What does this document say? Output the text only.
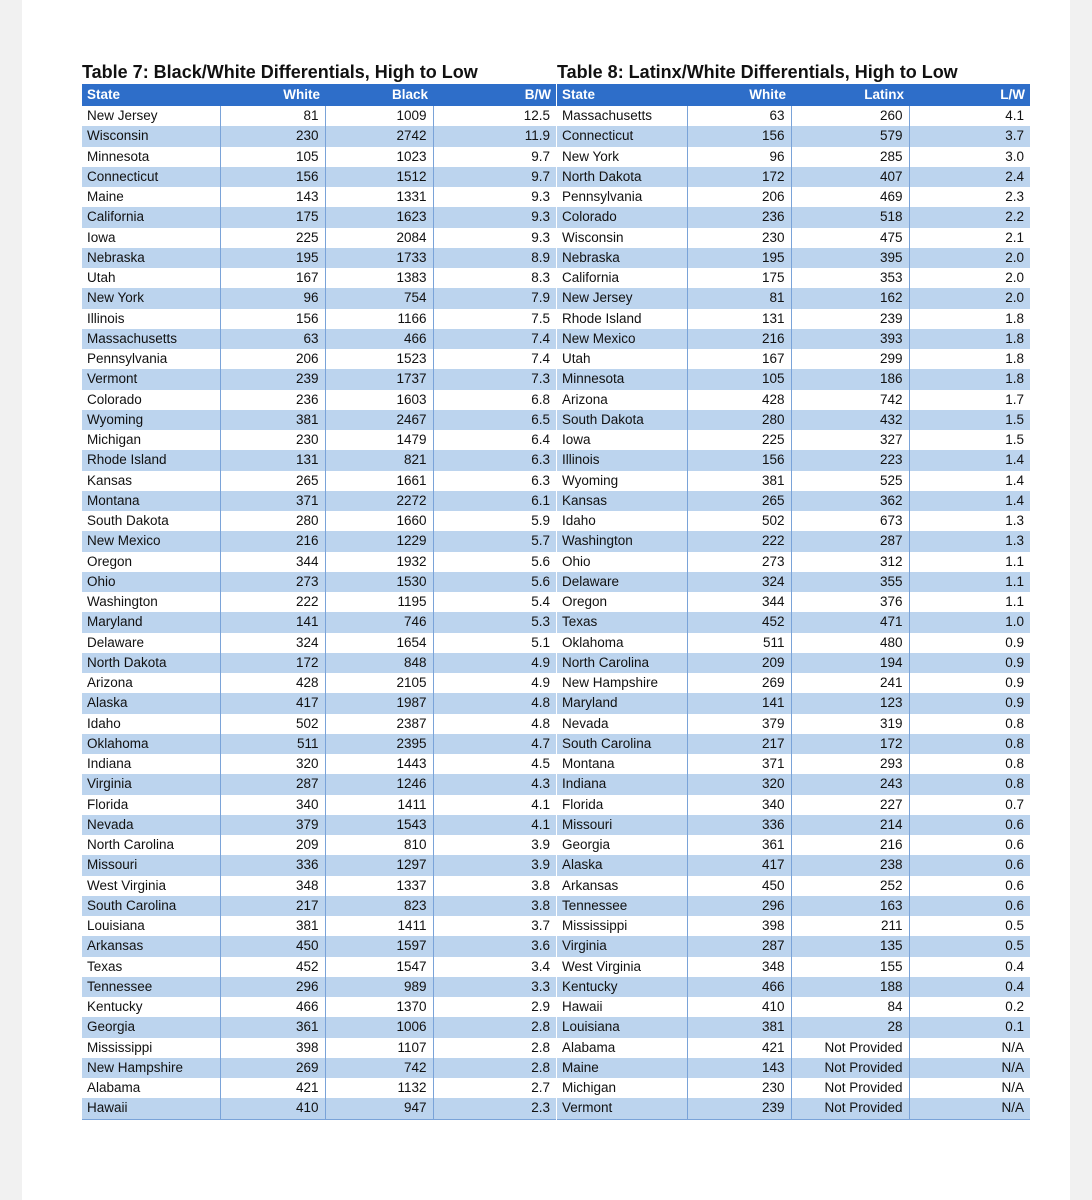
Table 7: Black/White Differentials, High to Low
State	White	Black	B/W
New Jersey	81	1009	12.5
Wisconsin	230	2742	11.9
Minnesota	105	1023	9.7
Connecticut	156	1512	9.7
Maine	143	1331	9.3
California	175	1623	9.3
Iowa	225	2084	9.3
Nebraska	195	1733	8.9
Utah	167	1383	8.3
New York	96	754	7.9
Illinois	156	1166	7.5
Massachusetts	63	466	7.4
Pennsylvania	206	1523	7.4
Vermont	239	1737	7.3
Colorado	236	1603	6.8
Wyoming	381	2467	6.5
Michigan	230	1479	6.4
Rhode Island	131	821	6.3
Kansas	265	1661	6.3
Montana	371	2272	6.1
South Dakota	280	1660	5.9
New Mexico	216	1229	5.7
Oregon	344	1932	5.6
Ohio	273	1530	5.6
Washington	222	1195	5.4
Maryland	141	746	5.3
Delaware	324	1654	5.1
North Dakota	172	848	4.9
Arizona	428	2105	4.9
Alaska	417	1987	4.8
Idaho	502	2387	4.8
Oklahoma	511	2395	4.7
Indiana	320	1443	4.5
Virginia	287	1246	4.3
Florida	340	1411	4.1
Nevada	379	1543	4.1
North Carolina	209	810	3.9
Missouri	336	1297	3.9
West Virginia	348	1337	3.8
South Carolina	217	823	3.8
Louisiana	381	1411	3.7
Arkansas	450	1597	3.6
Texas	452	1547	3.4
Tennessee	296	989	3.3
Kentucky	466	1370	2.9
Georgia	361	1006	2.8
Mississippi	398	1107	2.8
New Hampshire	269	742	2.8
Alabama	421	1132	2.7
Hawaii	410	947	2.3
Table 8: Latinx/White Differentials, High to Low
State	White	Latinx	L/W
Massachusetts	63	260	4.1
Connecticut	156	579	3.7
New York	96	285	3.0
North Dakota	172	407	2.4
Pennsylvania	206	469	2.3
Colorado	236	518	2.2
Wisconsin	230	475	2.1
Nebraska	195	395	2.0
California	175	353	2.0
New Jersey	81	162	2.0
Rhode Island	131	239	1.8
New Mexico	216	393	1.8
Utah	167	299	1.8
Minnesota	105	186	1.8
Arizona	428	742	1.7
South Dakota	280	432	1.5
Iowa	225	327	1.5
Illinois	156	223	1.4
Wyoming	381	525	1.4
Kansas	265	362	1.4
Idaho	502	673	1.3
Washington	222	287	1.3
Ohio	273	312	1.1
Delaware	324	355	1.1
Oregon	344	376	1.1
Texas	452	471	1.0
Oklahoma	511	480	0.9
North Carolina	209	194	0.9
New Hampshire	269	241	0.9
Maryland	141	123	0.9
Nevada	379	319	0.8
South Carolina	217	172	0.8
Montana	371	293	0.8
Indiana	320	243	0.8
Florida	340	227	0.7
Missouri	336	214	0.6
Georgia	361	216	0.6
Alaska	417	238	0.6
Arkansas	450	252	0.6
Tennessee	296	163	0.6
Mississippi	398	211	0.5
Virginia	287	135	0.5
West Virginia	348	155	0.4
Kentucky	466	188	0.4
Hawaii	410	84	0.2
Louisiana	381	28	0.1
Alabama	421	Not Provided	N/A
Maine	143	Not Provided	N/A
Michigan	230	Not Provided	N/A
Vermont	239	Not Provided	N/A
